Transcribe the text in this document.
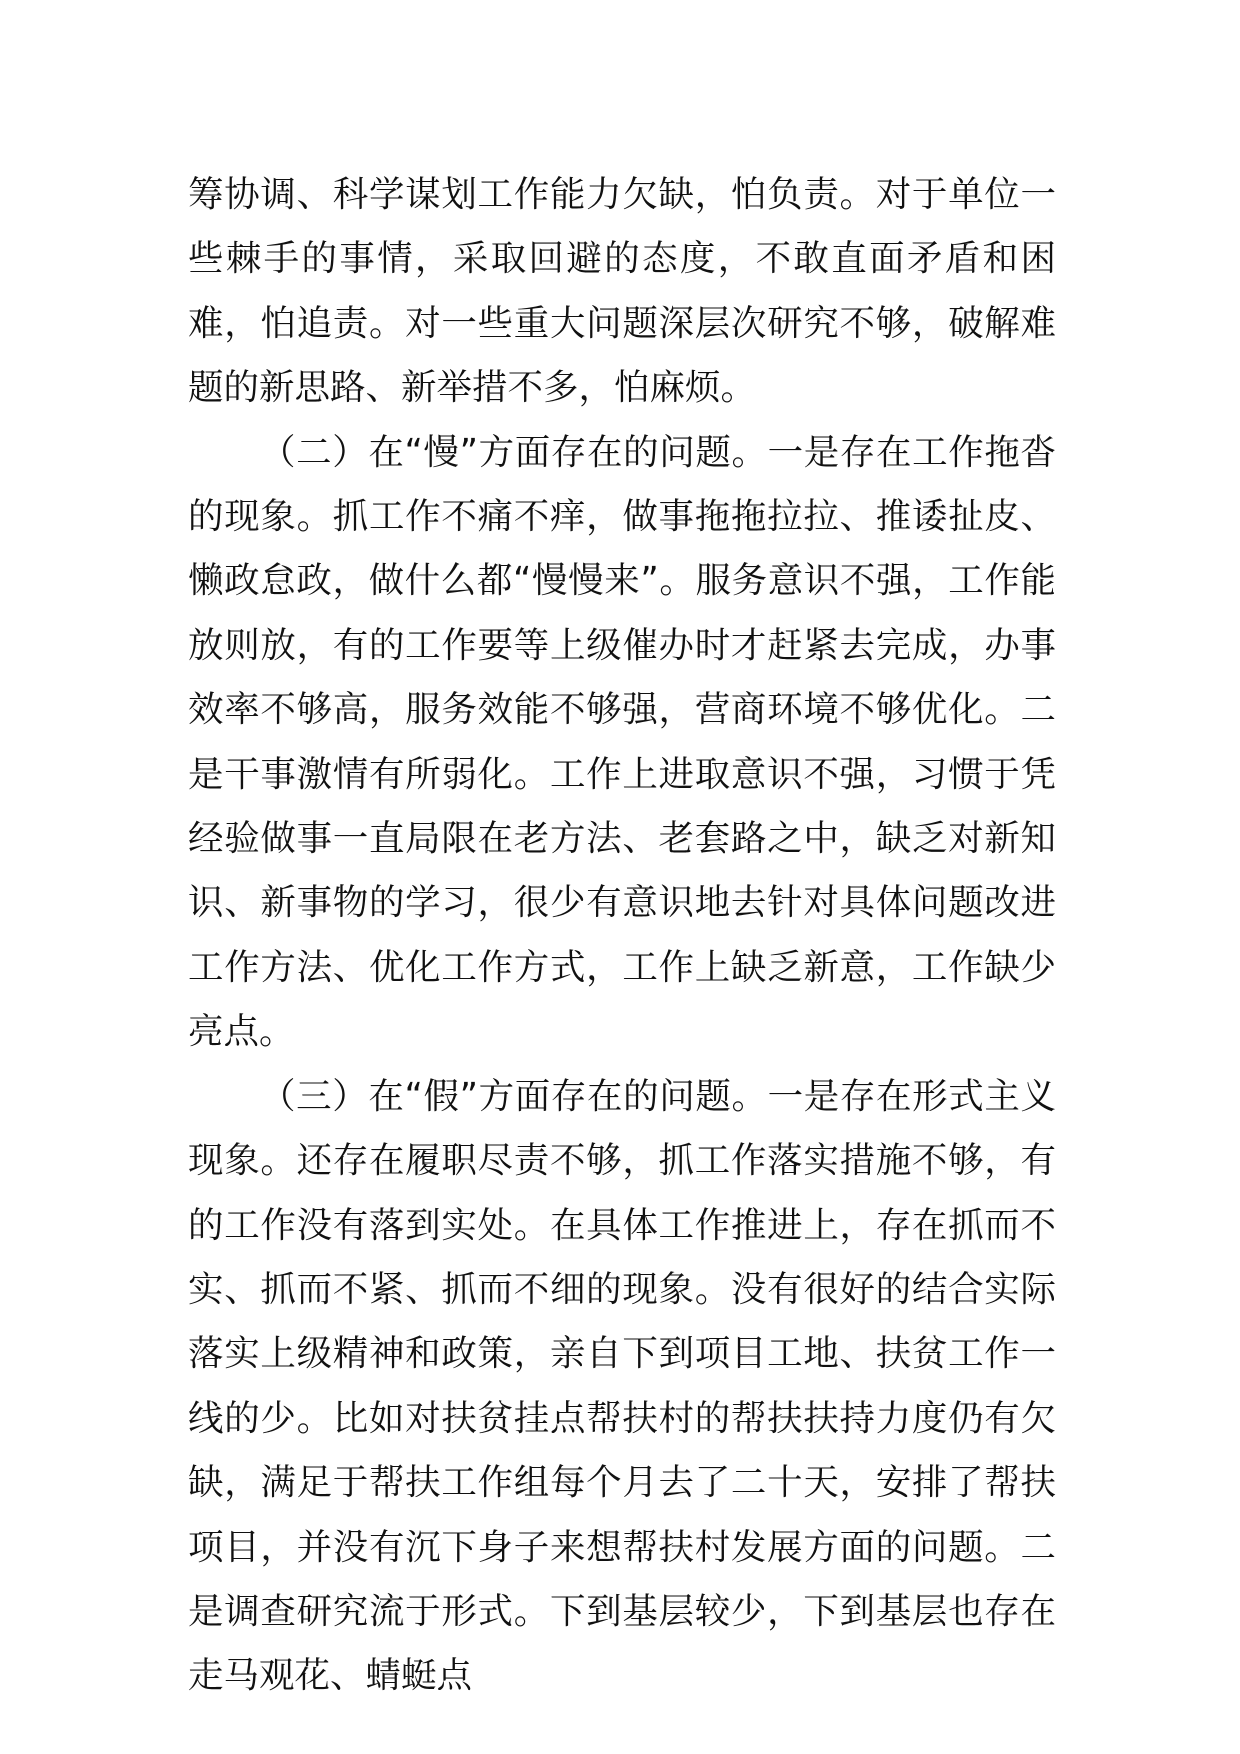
筹协调、科学谋划工作能力欠缺，怕负责。对于单位一些棘手的事情，采取回避的态度，不敢直面矛盾和困难，怕追责。对一些重大问题深层次研究不够，破解难题的新思路、新举措不多，怕麻烦。

（二）在“慢”方面存在的问题。一是存在工作拖沓的现象。抓工作不痛不痒，做事拖拖拉拉、推诿扯皮、懒政怠政，做什么都“慢慢来”。服务意识不强，工作能放则放，有的工作要等上级催办时才赶紧去完成，办事效率不够高，服务效能不够强，营商环境不够优化。二是干事激情有所弱化。工作上进取意识不强，习惯于凭经验做事一直局限在老方法、老套路之中，缺乏对新知识、新事物的学习，很少有意识地去针对具体问题改进工作方法、优化工作方式，工作上缺乏新意，工作缺少亮点。

（三）在“假”方面存在的问题。一是存在形式主义现象。还存在履职尽责不够，抓工作落实措施不够，有的工作没有落到实处。在具体工作推进上，存在抓而不实、抓而不紧、抓而不细的现象。没有很好的结合实际落实上级精神和政策，亲自下到项目工地、扶贫工作一线的少。比如对扶贫挂点帮扶村的帮扶扶持力度仍有欠缺，满足于帮扶工作组每个月去了二十天，安排了帮扶项目，并没有沉下身子来想帮扶村发展方面的问题。二是调查研究流于形式。下到基层较少，下到基层也存在走马观花、蜻蜓点
